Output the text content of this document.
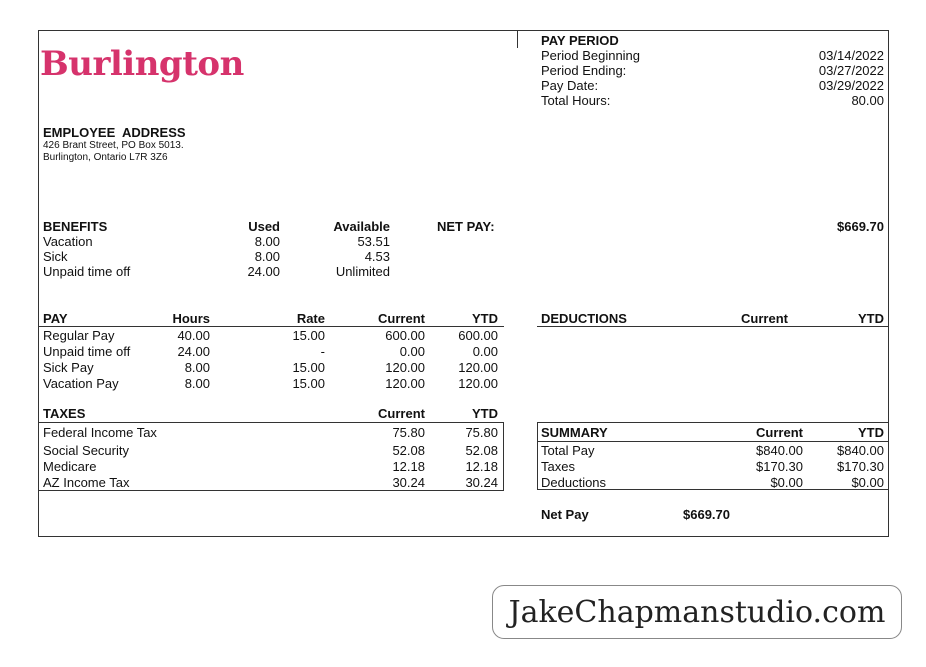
Burlington
PAY PERIOD
Period Beginning	03/14/2022
Period Ending:	03/27/2022
Pay Date:	03/29/2022
Total Hours:	80.00
EMPLOYEE  ADDRESS
426 Brant Street, PO Box 5013.
Burlington, Ontario L7R 3Z6
BENEFITS	Used	Available	NET PAY:	$669.70
Vacation	8.00	53.51
Sick	8.00	4.53
Unpaid time off	24.00	Unlimited
PAY	Hours	Rate	Current	YTD	DEDUCTIONS	Current	YTD
Regular Pay	40.00	15.00	600.00	600.00
Unpaid time off	24.00	-	0.00	0.00
Sick Pay	8.00	15.00	120.00	120.00
Vacation Pay	8.00	15.00	120.00	120.00
TAXES	Current	YTD
Federal Income Tax	75.80	75.80
Social Security	52.08	52.08
Medicare	12.18	12.18
AZ Income Tax	30.24	30.24
SUMMARY	Current	YTD
Total Pay	$840.00	$840.00
Taxes	$170.30	$170.30
Deductions	$0.00	$0.00
Net Pay	$669.70
JakeChapmanstudio.com
